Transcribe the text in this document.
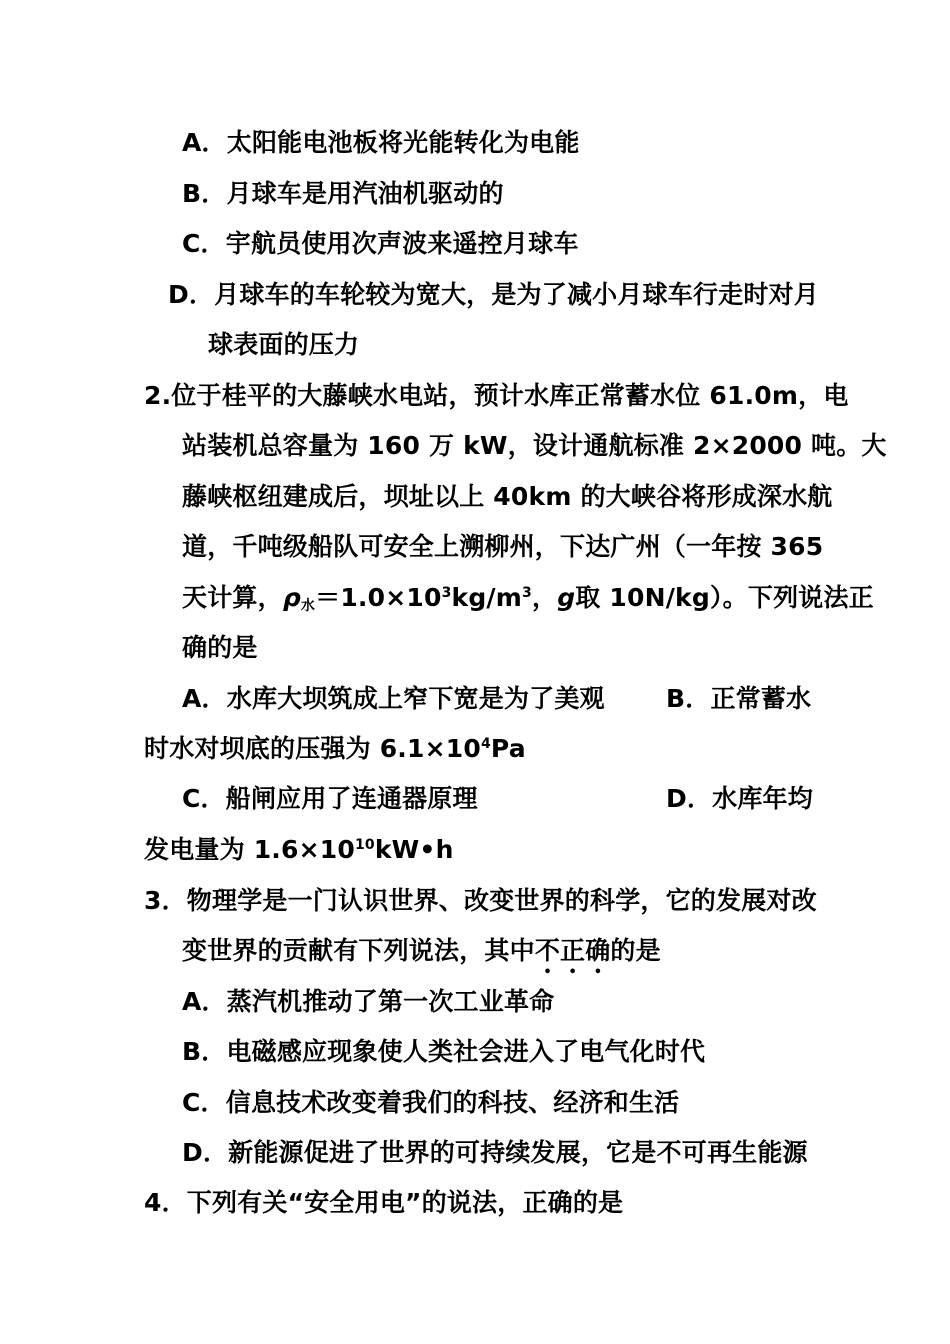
A．太阳能电池板将光能转化为电能
B．月球车是用汽油机驱动的
C．宇航员使用次声波来遥控月球车
D．月球车的车轮较为宽大，是为了减小月球车行走时对月
球表面的压力
2.位于桂平的大藤峡水电站，预计水库正常蓄水位 61.0m，电
站装机总容量为 160 万 kW，设计通航标准 2×2000 吨。大
藤峡枢纽建成后，坝址以上 40km 的大峡谷将形成深水航
道，千吨级船队可安全上溯柳州，下达广州（一年按 365
天计算，$\rho_水=1.0\times 10^3kg/m^3$，g取 10N/kg）。下列说法正
确的是
A．水库大坝筑成上窄下宽是为了美观 B．正常蓄水
时水对坝底的压强为 $6.1\times 10^4Pa$
C．船闸应用了连通器原理	D．水库年均
发电量为 $1.6\times 10^{10}kW•h$
3．物理学是一门认识世界、改变世界的科学，它的发展对改
变世界的贡献有下列说法，其中不正确的是
A．蒸汽机推动了第一次工业革命
B．电磁感应现象使人类社会进入了电气化时代
C．信息技术改变着我们的科技、经济和生活
D．新能源促进了世界的可持续发展，它是不可再生能源
4．下列有关“安全用电”的说法，正确的是
